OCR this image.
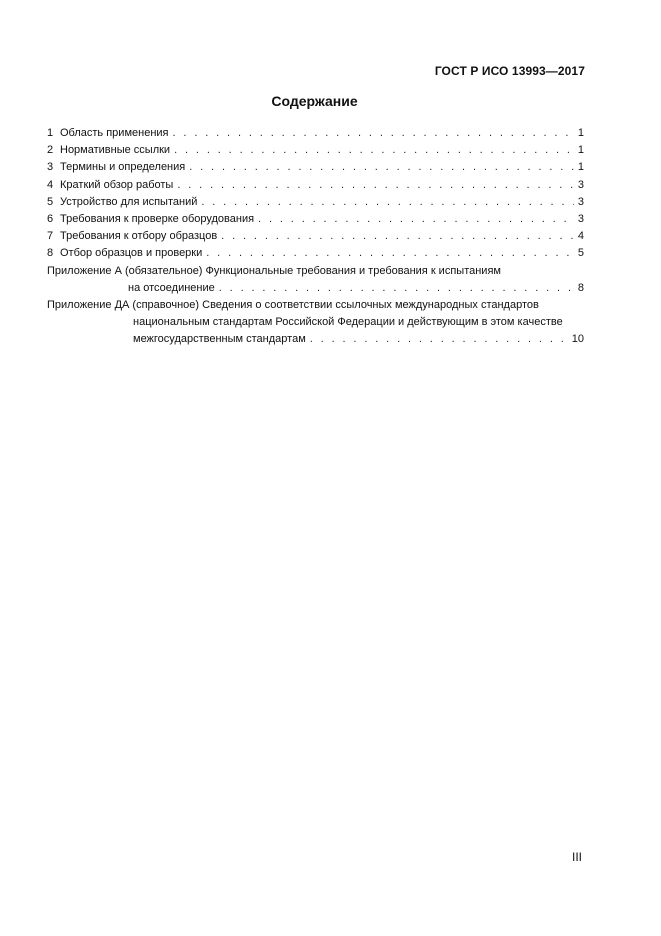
ГОСТ Р ИСО 13993—2017
Содержание
1 Область применения . . .	1
2 Нормативные ссылки . . .	1
3 Термины и определения . . .	1
4 Краткий обзор работы . . .	3
5 Устройство для испытаний . . .	3
6 Требования к проверке оборудования . . .	3
7 Требования к отбору образцов . . .	4
8 Отбор образцов и проверки . . .	5
Приложение А (обязательное) Функциональные требования и требования к испытаниям
на отсоединение . . .	8
Приложение ДА (справочное) Сведения о соответствии ссылочных международных стандартов
национальным стандартам Российской Федерации и действующим в этом качестве
межгосударственным стандартам . . .	10
III
